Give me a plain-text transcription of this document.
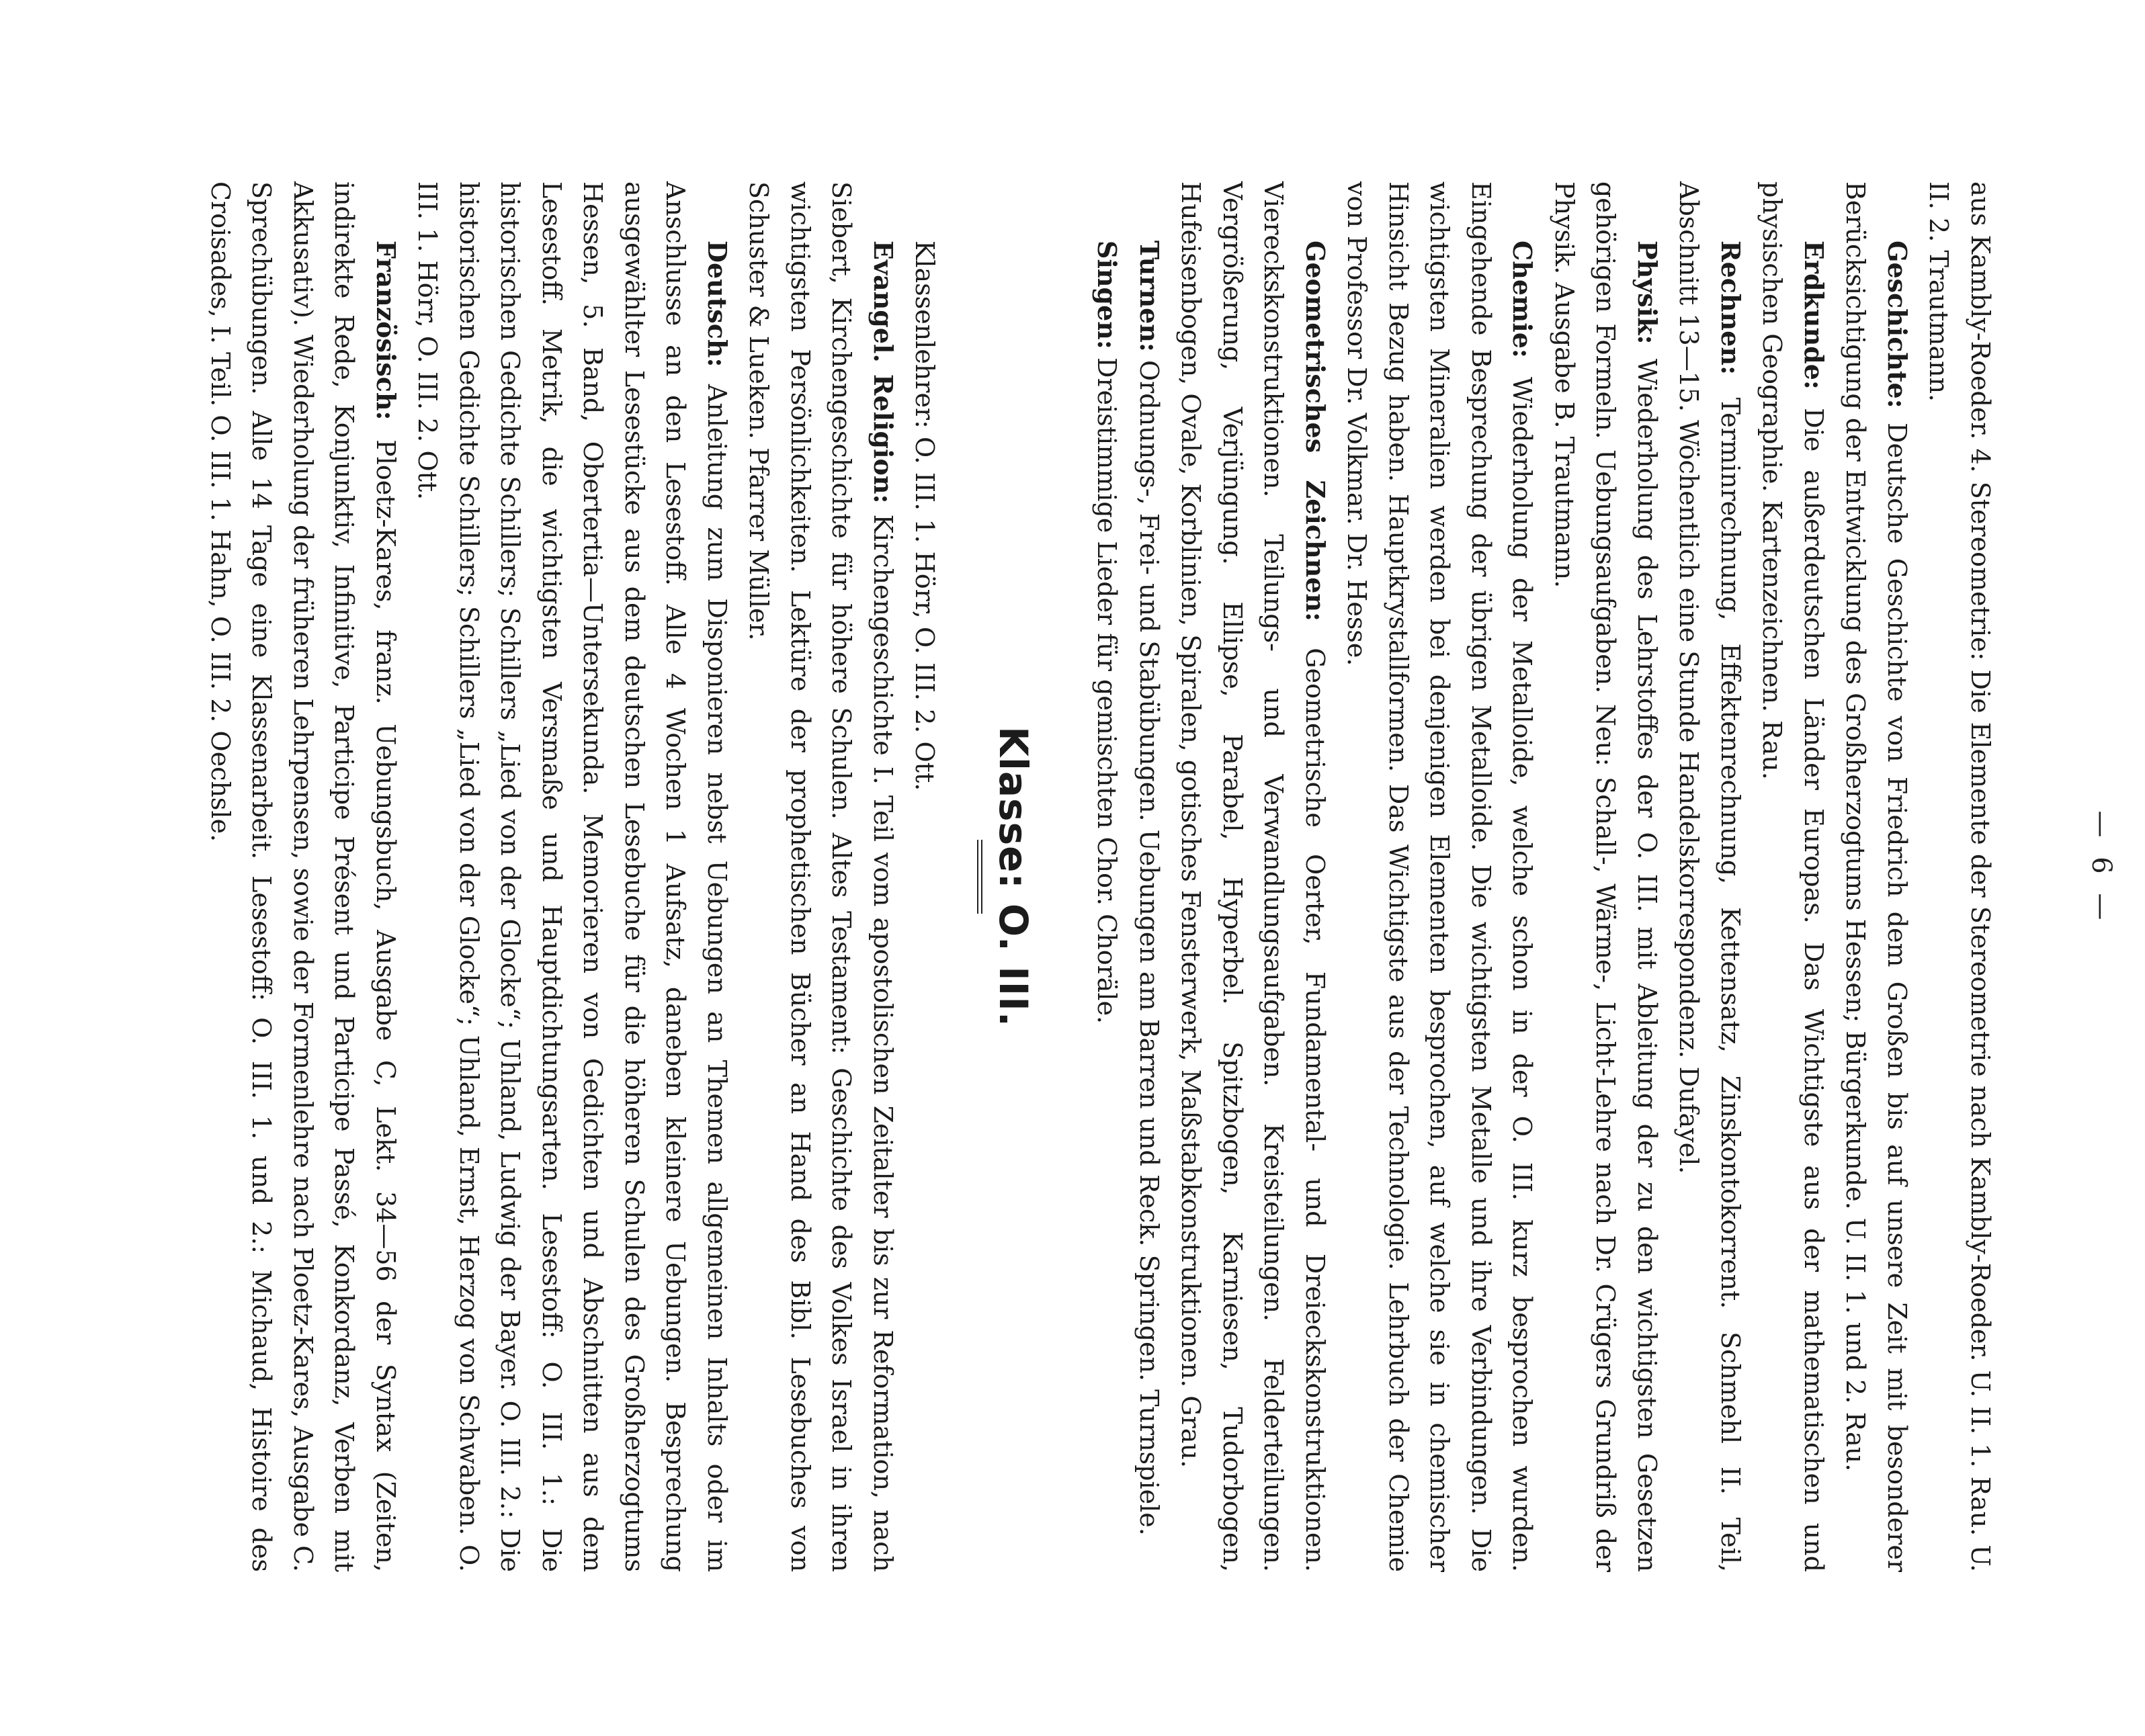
— 6 —

aus Kambly-Roeder. 4. Stereometrie: Die Elemente der Stereometrie nach Kambly-Roeder. U. II. 1. Rau. U. II. 2. Trautmann.

Geschichte: Deutsche Geschichte von Friedrich dem Großen bis auf unsere Zeit mit besonderer Berücksichtigung der Entwicklung des Großherzogtums Hessen; Bürgerkunde. U. II. 1. und 2. Rau.

Erdkunde: Die außerdeutschen Länder Europas. Das Wichtigste aus der mathematischen und physischen Geographie. Kartenzeichnen. Rau.

Rechnen: Terminrechnung, Effektenrechnung, Kettensatz, Zinskontokorrent. Schmehl II. Teil, Abschnitt 13—15. Wöchentlich eine Stunde Handelskorrespondenz. Dufayel.

Physik: Wiederholung des Lehrstoffes der O. III. mit Ableitung der zu den wichtigsten Gesetzen gehörigen Formeln. Uebungsaufgaben. Neu: Schall-, Wärme-, Licht-Lehre nach Dr. Crügers Grundriß der Physik. Ausgabe B. Trautmann.

Chemie: Wiederholung der Metalloide, welche schon in der O. III. kurz besprochen wurden. Eingehende Besprechung der übrigen Metalloide. Die wichtigsten Metalle und ihre Verbindungen. Die wichtigsten Mineralien werden bei denjenigen Elementen besprochen, auf welche sie in chemischer Hinsicht Bezug haben. Hauptkrystallformen. Das Wichtigste aus der Technologie. Lehrbuch der Chemie von Professor Dr. Volkmar. Dr. Hesse.

Geometrisches Zeichnen: Geometrische Oerter, Fundamental- und Dreieckskonstruktionen. Viereckskonstruktionen. Teilungs- und Verwandlungsaufgaben. Kreisteilungen. Felderteilungen. Vergrößerung, Verjüngung. Ellipse, Parabel, Hyperbel. Spitzbogen, Karniesen, Tudorbogen, Hufeisenbogen, Ovale, Korblinien, Spiralen, gotisches Fensterwerk, Maßstabkonstruktionen. Grau.

Turnen: Ordnungs-, Frei- und Stabübungen. Uebungen am Barren und Reck. Springen. Turnspiele.

Singen: Dreistimmige Lieder für gemischten Chor. Choräle.

Klasse: O. III.

Klassenlehrer: O. III. 1. Hörr, O. III. 2. Ott.

Evangel. Religion: Kirchengeschichte I. Teil vom apostolischen Zeitalter bis zur Reformation, nach Siebert, Kirchengeschichte für höhere Schulen. Altes Testament: Geschichte des Volkes Israel in ihren wichtigsten Persönlichkeiten. Lektüre der prophetischen Bücher an Hand des Bibl. Lesebuches von Schuster & Lueken. Pfarrer Müller.

Deutsch: Anleitung zum Disponieren nebst Uebungen an Themen allgemeinen Inhalts oder im Anschlusse an den Lesestoff. Alle 4 Wochen 1 Aufsatz, daneben kleinere Uebungen. Besprechung ausgewählter Lesestücke aus dem deutschen Lesebuche für die höheren Schulen des Großherzogtums Hessen, 5. Band, Obertertia—Untersekunda. Memorieren von Gedichten und Abschnitten aus dem Lesestoff. Metrik, die wichtigsten Versmaße und Hauptdichtungsarten. Lesestoff: O. III. 1.: Die historischen Gedichte Schillers; Schillers „Lied von der Glocke“; Uhland, Ludwig der Bayer. O. III. 2.: Die historischen Gedichte Schillers; Schillers „Lied von der Glocke“; Uhland, Ernst, Herzog von Schwaben. O. III. 1. Hörr, O. III. 2. Ott.

Französisch: Ploetz-Kares, franz. Uebungsbuch, Ausgabe C, Lekt. 34—56 der Syntax (Zeiten, indirekte Rede, Konjunktiv, Infinitive, Participe Présent und Participe Passé, Konkordanz, Verben mit Akkusativ). Wiederholung der früheren Lehrpensen, sowie der Formenlehre nach Ploetz-Kares, Ausgabe C. Sprechübungen. Alle 14 Tage eine Klassenarbeit. Lesestoff: O. III. 1. und 2.: Michaud, Histoire des Croisades, I. Teil. O. III. 1. Hahn, O. III. 2. Oechsle.
